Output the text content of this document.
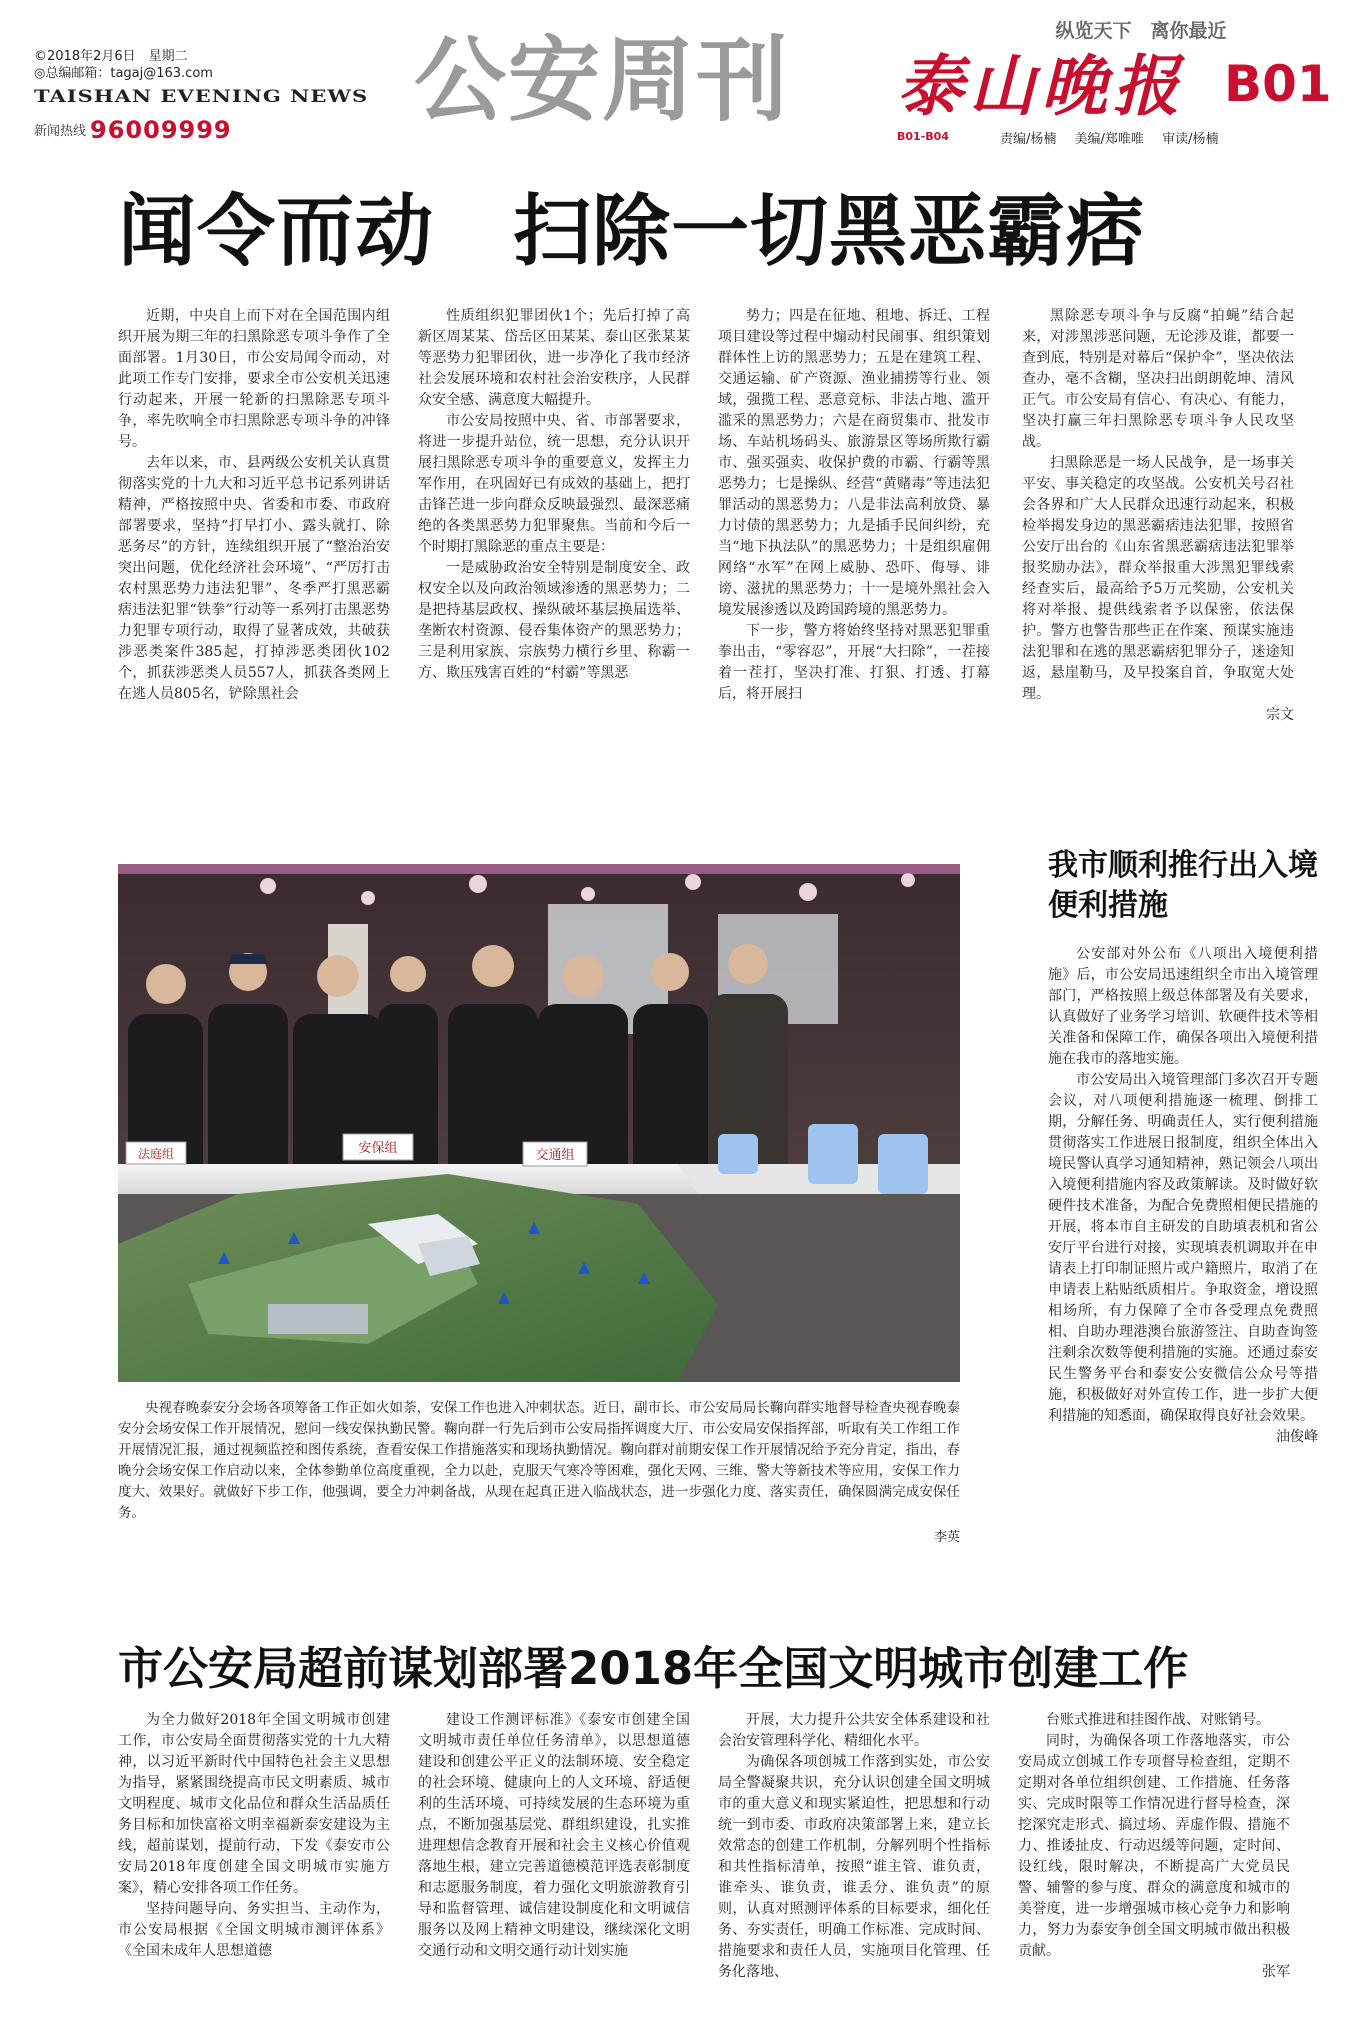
©2018年2月6日　星期二
◎总编邮箱：tagaj@163.com
TAISHAN EVENING NEWS
新闻热线 96009999 公安周刊	纵览天下　离你最近
泰山晚报 B01
B01-B04	责编/杨楠 美编/郑唯唯 审读/杨楠
闻令而动　扫除一切黑恶霸痞

近期，中央自上而下对在全国范围内组织开展为期三年的扫黑除恶专项斗争作了全面部署。1月30日，市公安局闻令而动，对此项工作专门安排，要求全市公安机关迅速行动起来，开展一轮新的扫黑除恶专项斗争，率先吹响全市扫黑除恶专项斗争的冲锋号。

去年以来，市、县两级公安机关认真贯彻落实党的十九大和习近平总书记系列讲话精神，严格按照中央、省委和市委、市政府部署要求，坚持“打早打小、露头就打、除恶务尽”的方针，连续组织开展了“整治治安突出问题，优化经济社会环境”、“严厉打击农村黑恶势力违法犯罪”、冬季严打黑恶霸痞违法犯罪“铁拳”行动等一系列打击黑恶势力犯罪专项行动，取得了显著成效，共破获涉恶类案件385起，打掉涉恶类团伙102个，抓获涉恶类人员557人，抓获各类网上在逃人员805名，铲除黑社会

性质组织犯罪团伙1个；先后打掉了高新区周某某、岱岳区田某某、泰山区张某某等恶势力犯罪团伙，进一步净化了我市经济社会发展环境和农村社会治安秩序，人民群众安全感、满意度大幅提升。

市公安局按照中央、省、市部署要求，将进一步提升站位，统一思想，充分认识开展扫黑除恶专项斗争的重要意义，发挥主力军作用，在巩固好已有成效的基础上，把打击锋芒进一步向群众反映最强烈、最深恶痛绝的各类黑恶势力犯罪聚焦。当前和今后一个时期打黑除恶的重点主要是：

一是威胁政治安全特别是制度安全、政权安全以及向政治领域渗透的黑恶势力；二是把持基层政权、操纵破坏基层换届选举、垄断农村资源、侵吞集体资产的黑恶势力；三是利用家族、宗族势力横行乡里、称霸一方、欺压残害百姓的“村霸”等黑恶

势力；四是在征地、租地、拆迁、工程项目建设等过程中煽动村民闹事、组织策划群体性上访的黑恶势力；五是在建筑工程、交通运输、矿产资源、渔业捕捞等行业、领域，强揽工程、恶意竞标、非法占地、滥开滥采的黑恶势力；六是在商贸集市、批发市场、车站机场码头、旅游景区等场所欺行霸市、强买强卖、收保护费的市霸、行霸等黑恶势力；七是操纵、经营“黄赌毒”等违法犯罪活动的黑恶势力；八是非法高利放贷、暴力讨债的黑恶势力；九是插手民间纠纷，充当“地下执法队”的黑恶势力；十是组织雇佣网络“水军”在网上威胁、恐吓、侮辱、诽谤、滋扰的黑恶势力；十一是境外黑社会入境发展渗透以及跨国跨境的黑恶势力。

下一步，警方将始终坚持对黑恶犯罪重拳出击，“零容忍”，开展“大扫除”，一茬接着一茬打，坚决打准、打狠、打透、打幕后，将开展扫

黑除恶专项斗争与反腐“拍蝇”结合起来，对涉黑涉恶问题，无论涉及谁，都要一查到底，特别是对幕后“保护伞”，坚决依法查办，毫不含糊，坚决扫出朗朗乾坤、清风正气。市公安局有信心、有决心、有能力，坚决打赢三年扫黑除恶专项斗争人民攻坚战。

扫黑除恶是一场人民战争，是一场事关平安、事关稳定的攻坚战。公安机关号召社会各界和广大人民群众迅速行动起来，积极检举揭发身边的黑恶霸痞违法犯罪，按照省公安厅出台的《山东省黑恶霸痞违法犯罪举报奖励办法》，群众举报重大涉黑犯罪线索经查实后，最高给予5万元奖励，公安机关将对举报、提供线索者予以保密，依法保护。警方也警告那些正在作案、预谋实施违法犯罪和在逃的黑恶霸痞犯罪分子，迷途知返，悬崖勒马，及早投案自首，争取宽大处理。

宗文

法庭组	安保组	交通组
央视春晚泰安分会场各项筹备工作正如火如荼，安保工作也进入冲刺状态。近日，副市长、市公安局局长鞠向群实地督导检查央视春晚泰安分会场安保工作开展情况，慰问一线安保执勤民警。鞠向群一行先后到市公安局指挥调度大厅、市公安局安保指挥部，听取有关工作组工作开展情况汇报，通过视频监控和图传系统，查看安保工作措施落实和现场执勤情况。鞠向群对前期安保工作开展情况给予充分肯定，指出，春晚分会场安保工作启动以来，全体参勤单位高度重视，全力以赴，克服天气寒冷等困难，强化天网、三维、警大等新技术等应用，安保工作力度大、效果好。就做好下步工作，他强调，要全力冲刺备战，从现在起真正进入临战状态，进一步强化力度、落实责任，确保圆满完成安保任务。
李英
我市顺利推行出入境便利措施

公安部对外公布《八项出入境便利措施》后，市公安局迅速组织全市出入境管理部门，严格按照上级总体部署及有关要求，认真做好了业务学习培训、软硬件技术等相关准备和保障工作，确保各项出入境便利措施在我市的落地实施。

市公安局出入境管理部门多次召开专题会议，对八项便利措施逐一梳理、倒排工期，分解任务、明确责任人，实行便利措施贯彻落实工作进展日报制度，组织全体出入境民警认真学习通知精神，熟记领会八项出入境便利措施内容及政策解读。及时做好软硬件技术准备，为配合免费照相便民措施的开展，将本市自主研发的自助填表机和省公安厅平台进行对接，实现填表机调取并在申请表上打印制证照片或户籍照片，取消了在申请表上粘贴纸质相片。争取资金，增设照相场所，有力保障了全市各受理点免费照相、自助办理港澳台旅游签注、自助查询签注剩余次数等便利措施的实施。还通过泰安民生警务平台和泰安公安微信公众号等措施，积极做好对外宣传工作，进一步扩大便利措施的知悉面，确保取得良好社会效果。

油俊峰

市公安局超前谋划部署2018年全国文明城市创建工作

为全力做好2018年全国文明城市创建工作，市公安局全面贯彻落实党的十九大精神，以习近平新时代中国特色社会主义思想为指导，紧紧围绕提高市民文明素质、城市文明程度、城市文化品位和群众生活品质任务目标和加快富裕文明幸福新泰安建设为主线，超前谋划，提前行动，下发《泰安市公安局2018年度创建全国文明城市实施方案》，精心安排各项工作任务。

坚持问题导向、务实担当、主动作为，市公安局根据《全国文明城市测评体系》《全国未成年人思想道德

建设工作测评标准》《泰安市创建全国文明城市责任单位任务清单》，以思想道德建设和创建公平正义的法制环境、安全稳定的社会环境、健康向上的人文环境、舒适便利的生活环境、可持续发展的生态环境为重点，不断加强基层党、群组织建设，扎实推进理想信念教育开展和社会主义核心价值观落地生根，建立完善道德模范评选表彰制度和志愿服务制度，着力强化文明旅游教育引导和监督管理、诚信建设制度化和文明诚信服务以及网上精神文明建设，继续深化文明交通行动和文明交通行动计划实施

开展，大力提升公共安全体系建设和社会治安管理科学化、精细化水平。

为确保各项创城工作落到实处，市公安局全警凝聚共识，充分认识创建全国文明城市的重大意义和现实紧迫性，把思想和行动统一到市委、市政府决策部署上来，建立长效常态的创建工作机制，分解列明个性指标和共性指标清单，按照“谁主管、谁负责，谁牵头、谁负责，谁丢分、谁负责”的原则，认真对照测评体系的目标要求，细化任务、夯实责任，明确工作标准、完成时间、措施要求和责任人员，实施项目化管理、任务化落地、

台账式推进和挂图作战、对账销号。

同时，为确保各项工作落地落实，市公安局成立创城工作专项督导检查组，定期不定期对各单位组织创建、工作措施、任务落实、完成时限等工作情况进行督导检查，深挖深究走形式、搞过场、弄虚作假、措施不力、推诿扯皮、行动迟缓等问题，定时间、设红线，限时解决，不断提高广大党员民警、辅警的参与度、群众的满意度和城市的美誉度，进一步增强城市核心竞争力和影响力，努力为泰安争创全国文明城市做出积极贡献。

张军
